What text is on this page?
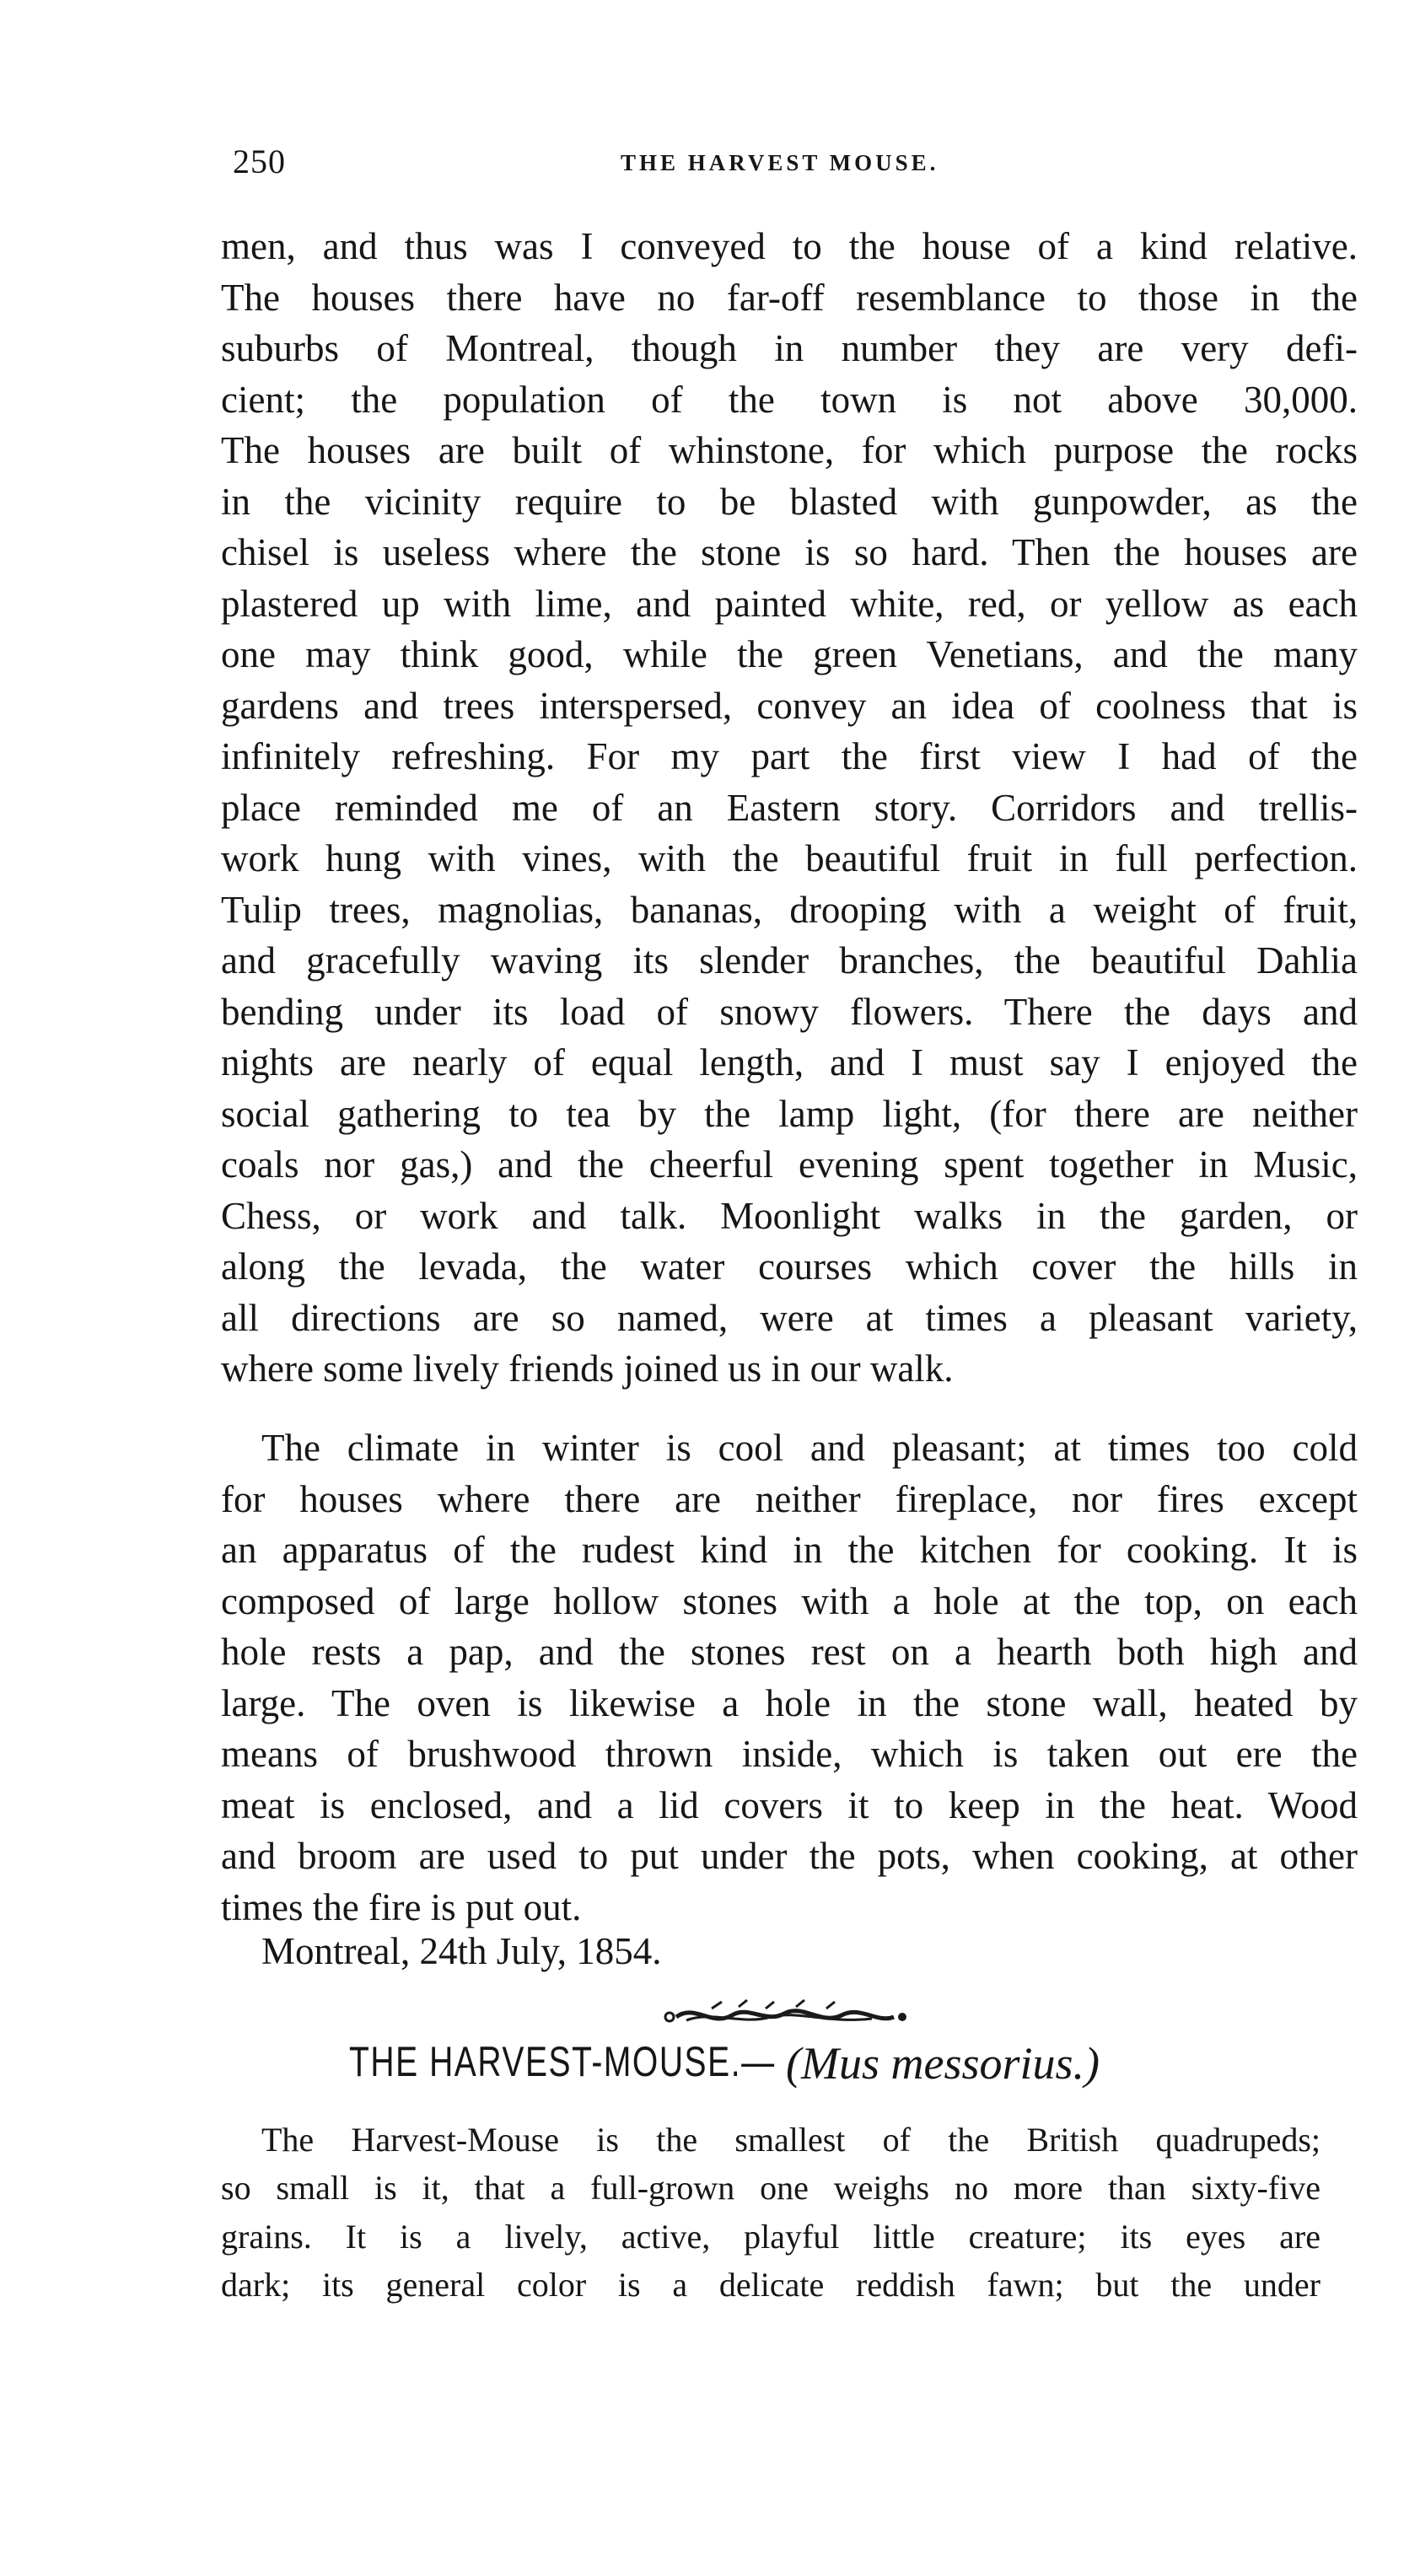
250	THE HARVEST MOUSE.
men, and thus was I conveyed to the house of a kind relative.
The houses there have no far-off resemblance to those in the
suburbs of Montreal, though in number they are very defi-
cient; the population of the town is not above 30,000.
The houses are built of whinstone, for which purpose the rocks
in the vicinity require to be blasted with gunpowder, as the
chisel is useless where the stone is so hard. Then the houses are
plastered up with lime, and painted white, red, or yellow as each
one may think good, while the green Venetians, and the many
gardens and trees interspersed, convey an idea of coolness that is
infinitely refreshing. For my part the first view I had of the
place reminded me of an Eastern story. Corridors and trellis-
work hung with vines, with the beautiful fruit in full perfection.
Tulip trees, magnolias, bananas, drooping with a weight of fruit,
and gracefully waving its slender branches, the beautiful Dahlia
bending under its load of snowy flowers. There the days and
nights are nearly of equal length, and I must say I enjoyed the
social gathering to tea by the lamp light, (for there are neither
coals nor gas,) and the cheerful evening spent together in Music,
Chess, or work and talk. Moonlight walks in the garden, or
along the levada, the water courses which cover the hills in
all directions are so named, were at times a pleasant variety,
where some lively friends joined us in our walk.
The climate in winter is cool and pleasant; at times too cold
for houses where there are neither fireplace, nor fires except
an apparatus of the rudest kind in the kitchen for cooking. It is
composed of large hollow stones with a hole at the top, on each
hole rests a pap, and the stones rest on a hearth both high and
large. The oven is likewise a hole in the stone wall, heated by
means of brushwood thrown inside, which is taken out ere the
meat is enclosed, and a lid covers it to keep in the heat. Wood
and broom are used to put under the pots, when cooking, at other
times the fire is put out.
Montreal, 24th July, 1854.
THE HARVEST-MOUSE.— (Mus messorius.)
The Harvest-Mouse is the smallest of the British quadrupeds;
so small is it, that a full-grown one weighs no more than sixty-five
grains. It is a lively, active, playful little creature; its eyes are
dark; its general color is a delicate reddish fawn; but the under
